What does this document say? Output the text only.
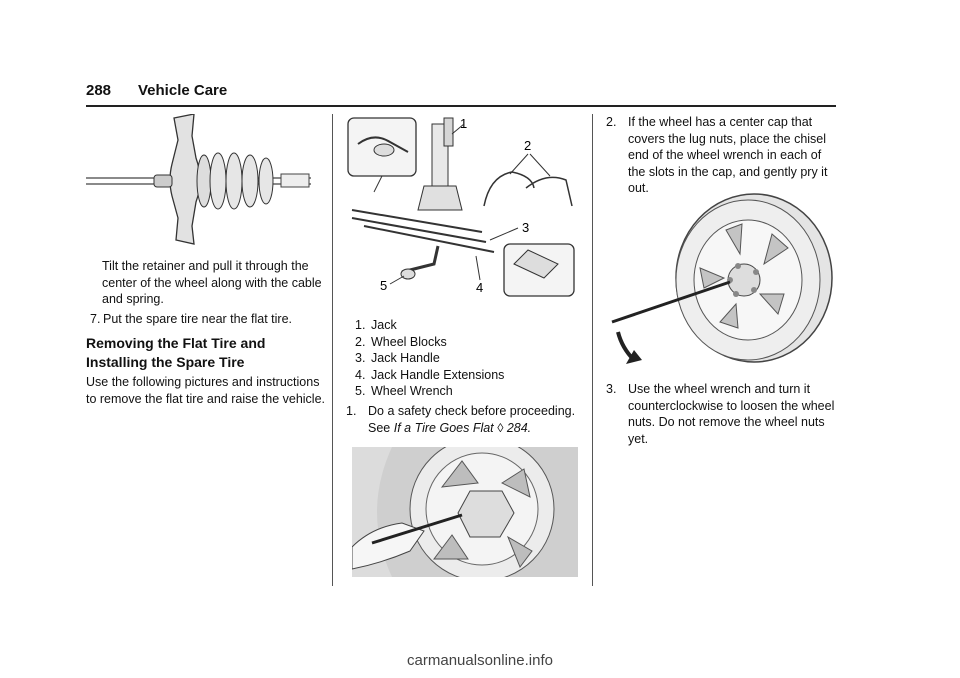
288 Vehicle Care

Tilt the retainer and pull it through the center of the wheel along with the cable and spring.

7. Put the spare tire near the flat tire.
Removing the Flat Tire and Installing the Spare Tire

Use the following pictures and instructions to remove the flat tire and raise the vehicle.

1
2
3
5	4
1. Jack
2. Wheel Blocks
3. Jack Handle
4. Jack Handle Extensions
5. Wheel Wrench
1. Do a safety check before proceeding. See If a Tire Goes Flat ◊ 284.
2. If the wheel has a center cap that covers the lug nuts, place the chisel end of the wheel wrench in each of the slots in the cap, and gently pry it out.
3. Use the wheel wrench and turn it counterclockwise to loosen the wheel nuts. Do not remove the wheel nuts yet.
carmanualsonline.info
